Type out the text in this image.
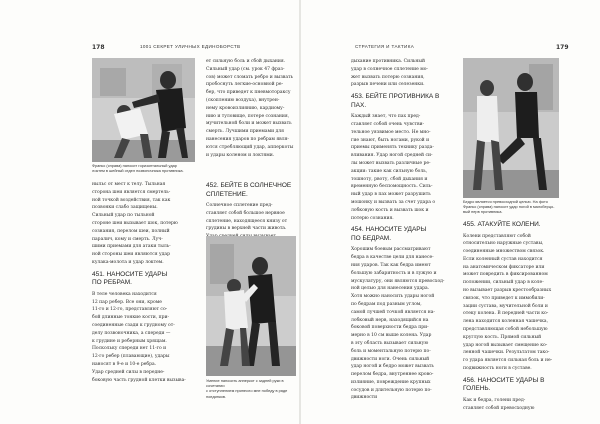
178	1001 СЕКРЕТ УЛИЧНЫХ ЕДИНОБОРСТВ
Франко (справа) наносит горизонтальный удар
локтем в шейный отдел позвоночника противника.
ныльс от мест к телу. Тыльная
сторона шеи является смертель-
ной точкой воздействия, так как
позвонки слабо защищены.
Сильный удар по тыльной
стороне шеи вызывает шок, потерю
сознания, перелом шеи, полный
паралич, кому и смерть. Луч-
шими приемами для атаки тыль-
ной стороны шеи являются удар
кулака-молота и удар локтем.
451. НАНОСИТЕ УДАРЫ
ПО РЕБРАМ.
В теле человека находится
12 пар ребер. Все они, кроме
11-го и 12-го, представляют со-
бой длинные тонкие кости, при-
соединенные сзади к грудному от-
делу позвоночника, а спереди —
к грудине и реберным хрящам.
Поскольку спереди нет 11-го и
12-го ребер (плавающие), удары
наносят в 9-е и 10-е ребра.
Удар средней силы в передне-
боковую часть грудной клетки вызыва-
ет сильную боль и сбой дыхания.
Сильный удар (см. урок 47 фраз-
сов) может сломать ребро и вызвать
пробоснуть легкие-основной ре-
бер, что приведет к пневмотораксу
(скоплению воздуха), внутрен-
нему кровоизлиянию, кардиому-
нию и туловище, потере сознания,
мучительной боли и может вызвать
смерть. Лучшими приемами для
нанесения ударов по ребрам явля-
ются стребляющий удар, апперкоты
и удары коленом и локтями.
452. БЕЙТЕ В СОЛНЕЧНОЕ
СПЛЕТЕНИЕ.
Солнечное сплетение пред-
ставляет собой большое нервное
сплетение, находящееся книзу от
грудины в верхней части живота.

Умение наносить апперкот с задней руки в сочетании
с отступлением принесло мне победу в ряде поединков.
СТРАТЕГИЯ И ТАКТИКА	179
дыхание противника. Сильный
удар в солнечное сплетение мо-
жет вызвать потерю сознания,
разрыв печени или селезенки.
453. БЕЙТЕ ПРОТИВНИКА В ПАХ.
Каждый знает, что пах пред-
ставляет собой очень чувстви-
тельное уязвимое место. Не мно-
гие знают, быть ногами, рукой и
приемы применять технику разда-
вливания. Удар ногой средней си-
лы может вызвать различные ре-
акции: такие как сильную боль,
тошноту, рвоту, сбой дыхания и
временную беспомощность. Силь-
ный удар в пах может разрушить
мошонку и вызвать за счет удара о
лобковую кость и вызвать шок и
потерю сознания.
454. НАНОСИТЕ УДАРЫ
ПО БЕДРАМ.
Хорошим боевым рассматривают
бедра в качестве цели для нанесе-
ния ударов. Так как бедра имеют
большую забаритность и в лужую и
мускулатуру, они являются превосход-
ной целью для нанесения удара.
Хотя можно наносить удары ногой
по бедрам под разным углом,
самой лучшей точкой является на-
лобковый нерв, находящийся на
боковой поверхности бедра при-
мерно в 10 см выше колена. Удар
в эту область вызывает сильную
боль и моментальную потерю по-
движности ноги. Очень сильный
удар ногой и бедро может вызвать
перелом бедра, внутреннее крово-
излияние, повреждение крупных
сосудов и длительную потерю по-
движности
Бедро является превосходной целью. На фото
Франко (справа) наносит удар ногой в малоберцо-
вый нерв противника.
455. АТАКУЙТЕ КОЛЕНИ.
Колени представляют собой
относительно наружные суставы,
соединенные множеством связок.
Если коленный сустав находится
на анатомическом фиксаторе или
может повредить в фиксированном
положении, сильный удар в коле-
но вызывает разрыв крестообразных
связок, что приведет к иммобили-
зации сустава, мучительной боли и
отеку колена. В передней части ко-
лена находится коленная чашечка,
представляющая собой небольшую
круглую кость. Прямой сильный
удар ногой вызывает смещение ко-
ленной чашечки. Результатом тако-
го удара является сильная боль и не-
подвижность ноги в суставе.
456. НАНОСИТЕ УДАРЫ В ГОЛЕНЬ.
Как и бедра, голени пред-
ставляет собой превосходную
